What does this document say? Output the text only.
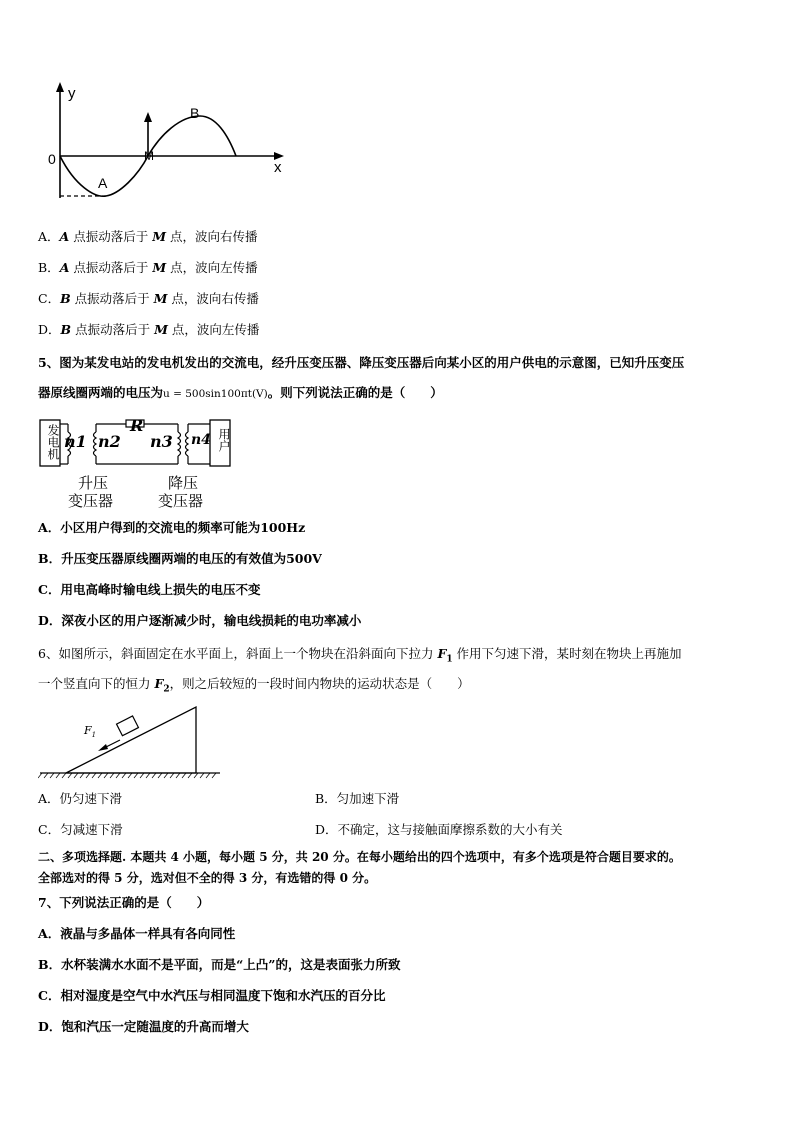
y
x
0
A
B
M
A．A 点振动落后于 M 点，波向右传播
B．A 点振动落后于 M 点，波向左传播
C．B 点振动落后于 M 点，波向右传播
D．B 点振动落后于 M 点，波向左传播
5、图为某发电站的发电机发出的交流电，经升压变压器、降压变压器后向某小区的用户供电的示意图，已知升压变压
器原线圈两端的电压为u = 500sin100πt(V)。则下列说法正确的是（　　）
发电机	用户
n1 n2
R
n3 n4
升压
变压器
降压
变压器
A．小区用户得到的交流电的频率可能为100Hz
B．升压变压器原线圈两端的电压的有效值为500V
C．用电高峰时输电线上损失的电压不变
D．深夜小区的用户逐渐减少时，输电线损耗的电功率减小
6、如图所示，斜面固定在水平面上，斜面上一个物块在沿斜面向下拉力 $F_1$ 作用下匀速下滑，某时刻在物块上再施加
一个竖直向下的恒力 $F_2$，则之后较短的一段时间内物块的运动状态是（　　）
$F_1$
A．仍匀速下滑	B．匀加速下滑
C．匀减速下滑	D．不确定，这与接触面摩擦系数的大小有关
二、多项选择题. 本题共 4 小题，每小题 5 分，共 20 分。在每小题给出的四个选项中，有多个选项是符合题目要求的。
全部选对的得 5 分，选对但不全的得 3 分，有选错的得 0 分。
7、下列说法正确的是（　　）
A．液晶与多晶体一样具有各向同性
B．水杯装满水水面不是平面，而是“上凸”的，这是表面张力所致
C．相对湿度是空气中水汽压与相同温度下饱和水汽压的百分比
D．饱和汽压一定随温度的升高而增大
